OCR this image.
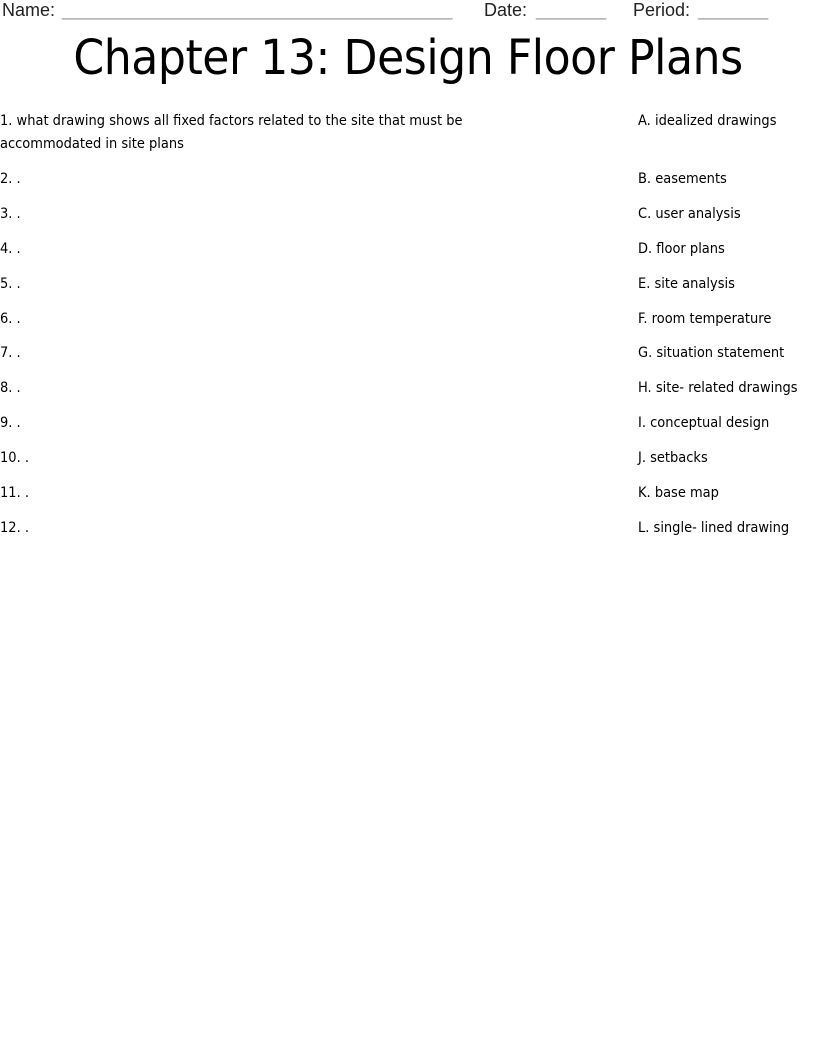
Name: _______________________________________ Date: _______ Period: _______
Chapter 13: Design Floor Plans
1. what drawing shows all fixed factors related to the site that must be accommodated in site plans
2. .
3. .
4. .
5. .
6. .
7. .
8. .
9. .
10. .
11. .
12. .
A. idealized drawings
B. easements
C. user analysis
D. floor plans
E. site analysis
F. room temperature
G. situation statement
H. site- related drawings
I. conceptual design
J. setbacks
K. base map
L. single- lined drawing
